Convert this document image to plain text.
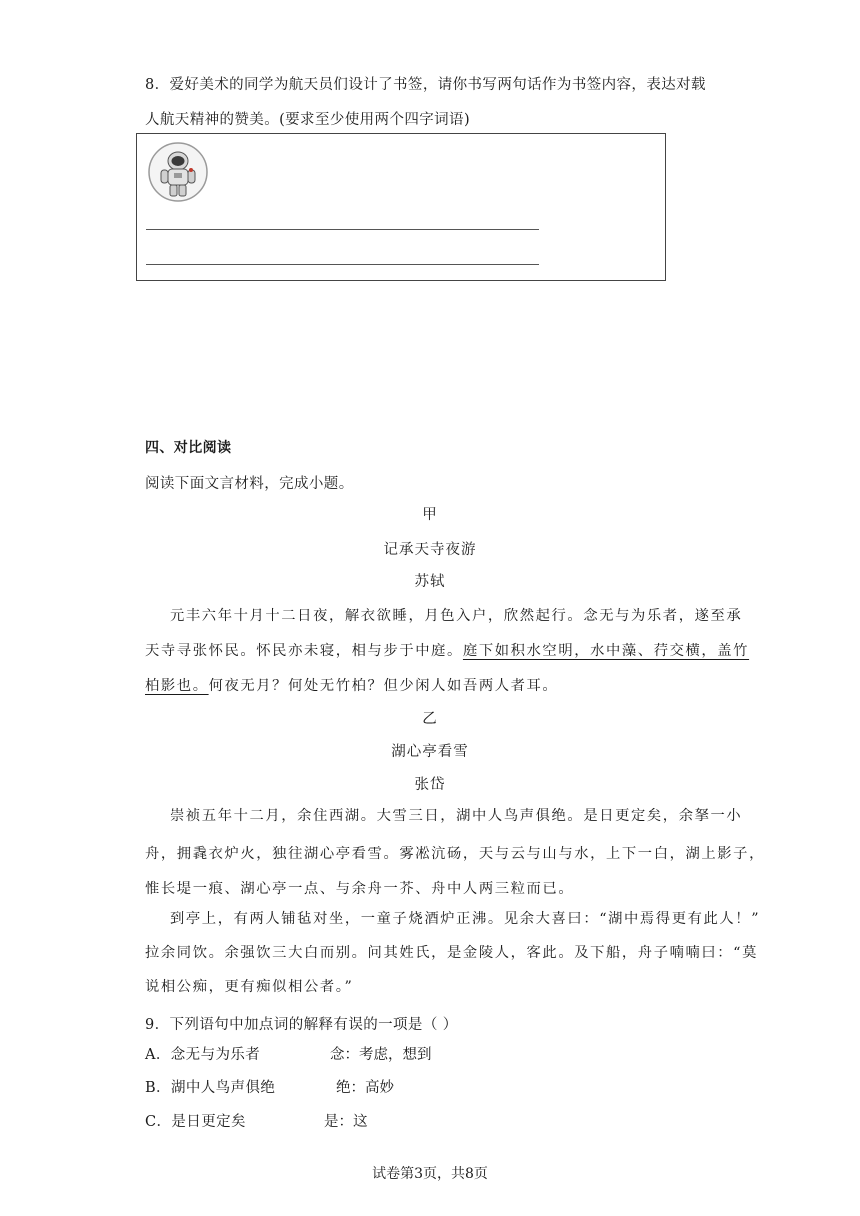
8．爱好美术的同学为航天员们设计了书签，请你书写两句话作为书签内容，表达对载
人航天精神的赞美。(要求至少使用两个四字词语)
四、对比阅读
阅读下面文言材料，完成小题。
甲
记承天寺夜游
苏轼
元丰六年十月十二日夜，解衣欲睡，月色入户，欣然起行。念无与为乐者，遂至承
天寺寻张怀民。怀民亦未寝，相与步于中庭。庭下如积水空明，水中藻、荇交横，盖竹
柏影也。何夜无月？何处无竹柏？但少闲人如吾两人者耳。
乙
湖心亭看雪
张岱
崇祯五年十二月，余住西湖。大雪三日，湖中人鸟声俱绝。是日更定矣，余拏一小
舟，拥毳衣炉火，独往湖心亭看雪。雾凇沆砀，天与云与山与水，上下一白，湖上影子，
惟长堤一痕、湖心亭一点、与余舟一芥、舟中人两三粒而已。
到亭上，有两人铺毡对坐，一童子烧酒炉正沸。见余大喜曰：“湖中焉得更有此人！”
拉余同饮。余强饮三大白而别。问其姓氏，是金陵人，客此。及下船，舟子喃喃曰：“莫
说相公痴，更有痴似相公者。”
9．下列语句中加点词的解释有误的一项是（ ）
A．念无与为乐者	念：考虑，想到
B．湖中人鸟声俱绝	绝：高妙
C．是日更定矣	是：这
试卷第3页，共8页
